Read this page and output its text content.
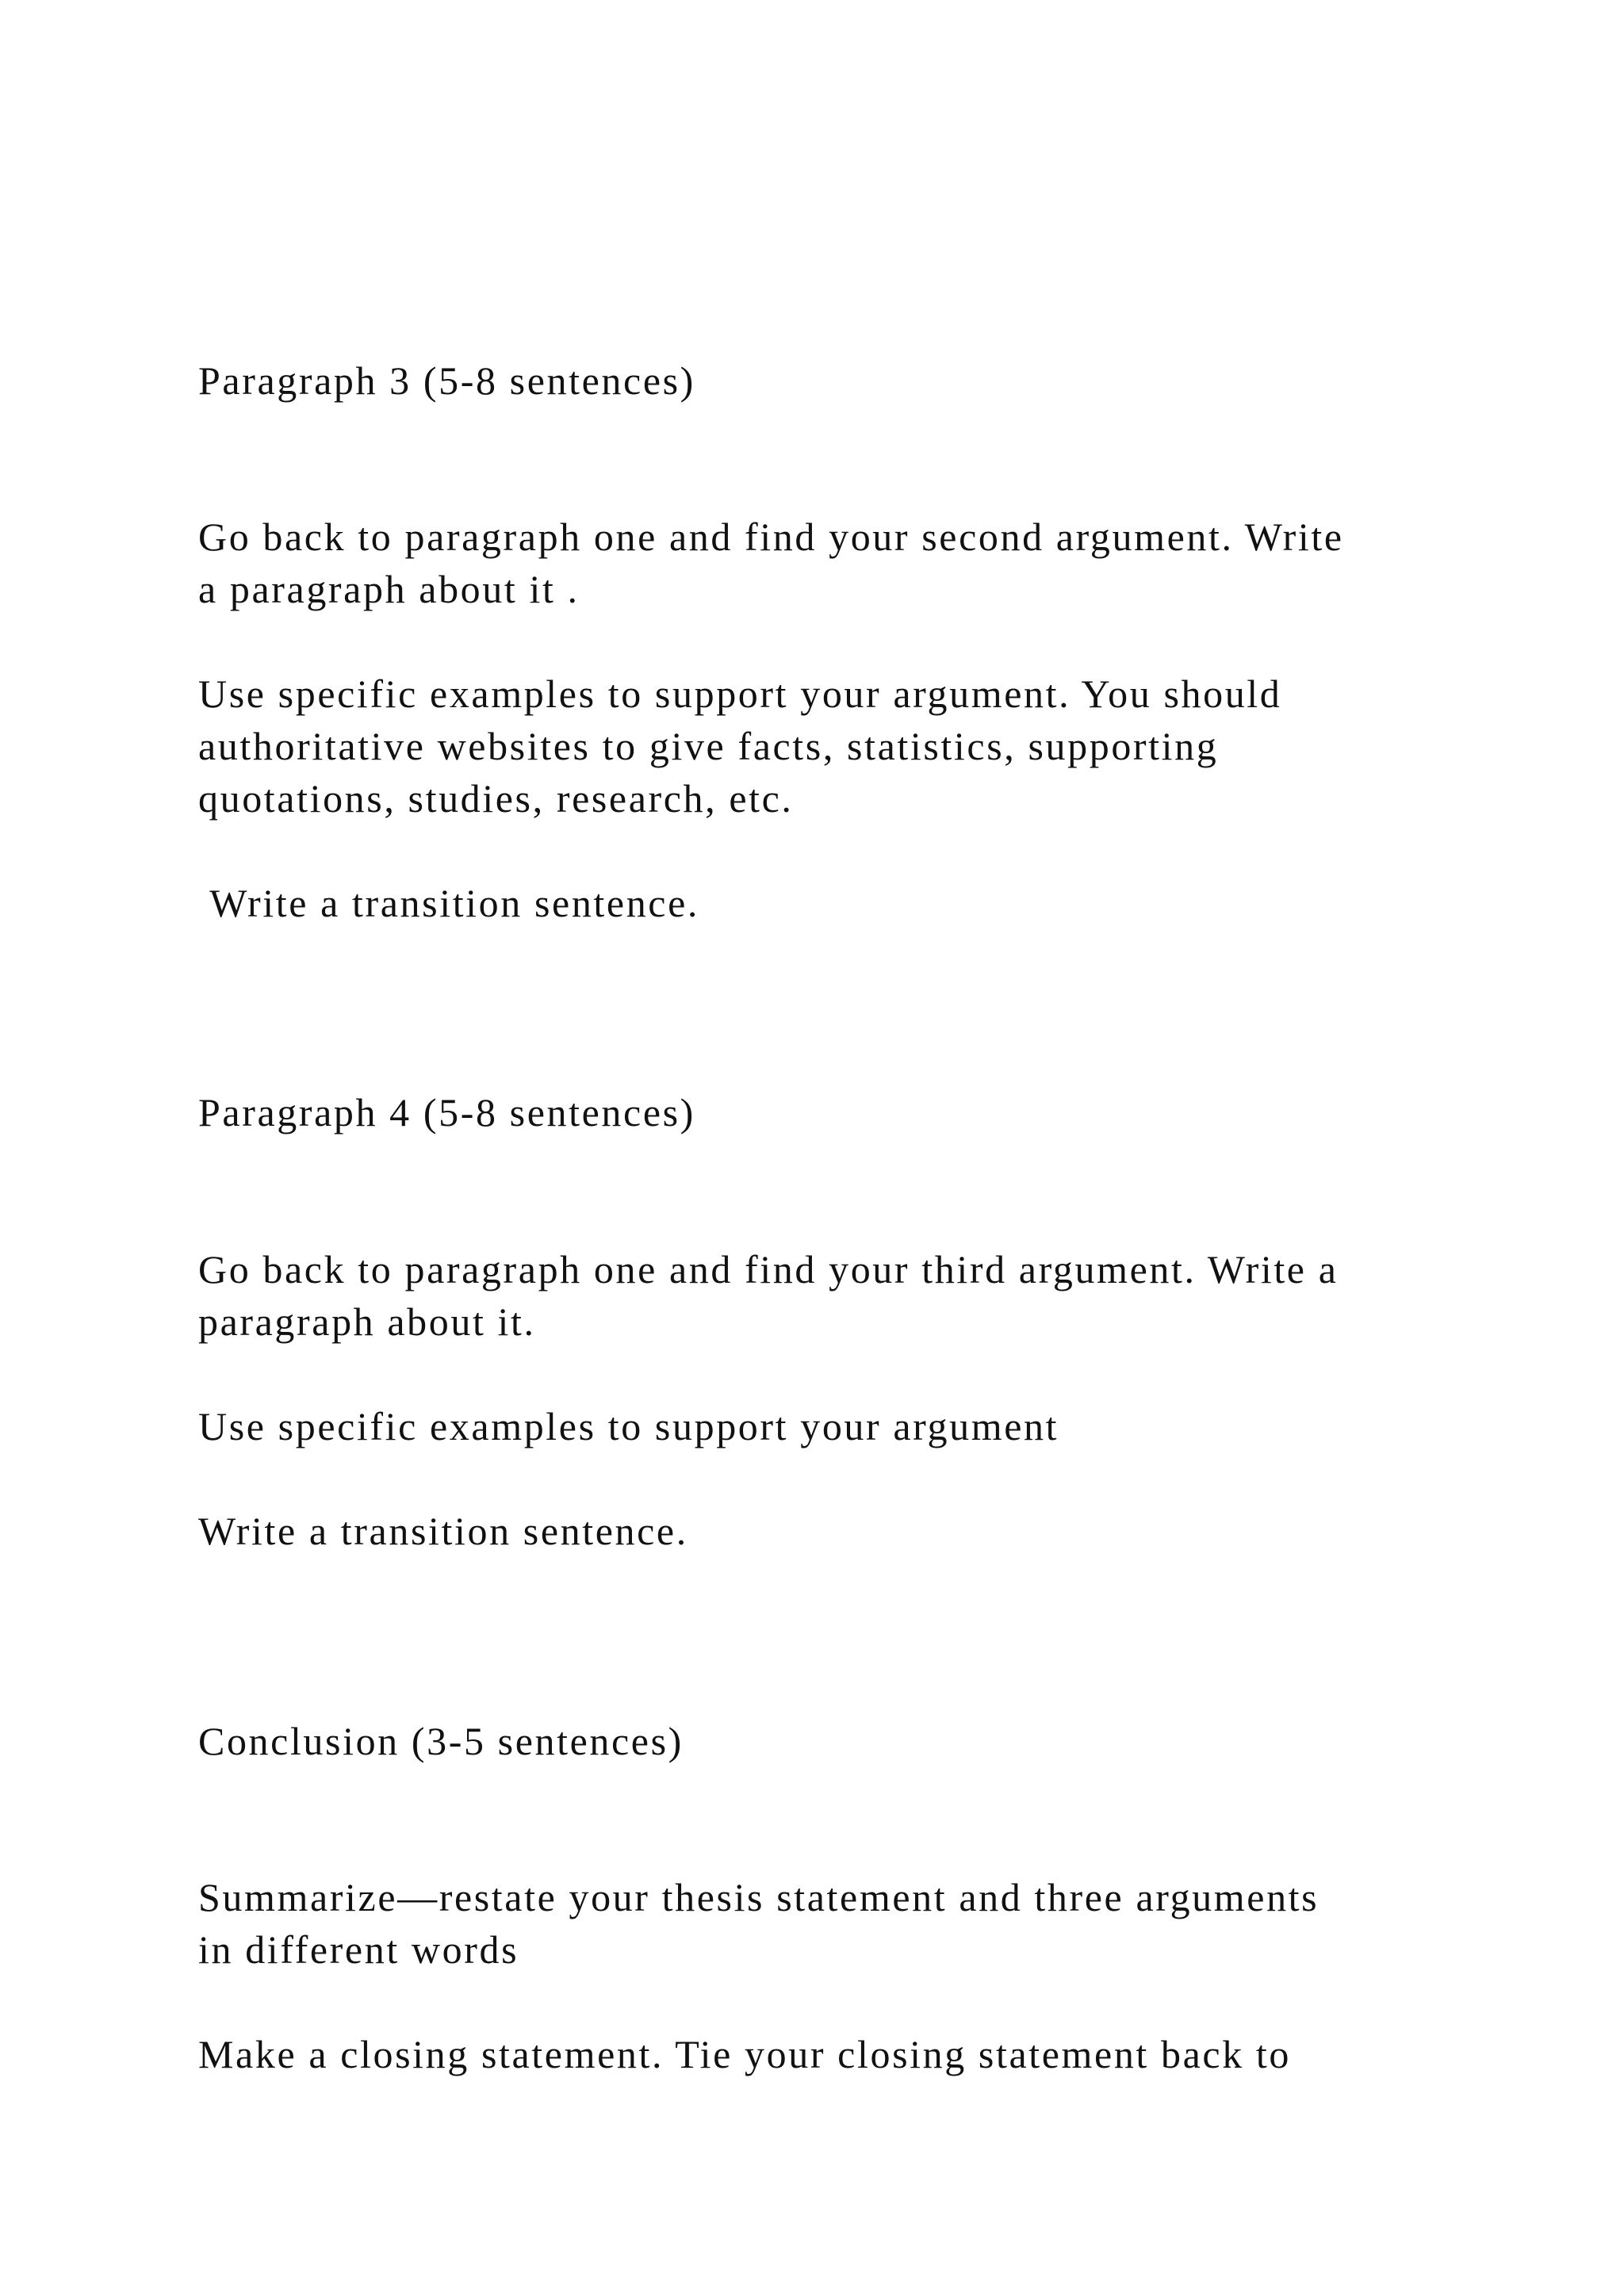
Paragraph 3 (5-8 sentences)

Go back to paragraph one and find your second argument. Write

a paragraph about it .

Use specific examples to support your argument. You should

authoritative websites to give facts, statistics, supporting

quotations, studies, research, etc.

Write a transition sentence.

Paragraph 4 (5-8 sentences)

Go back to paragraph one and find your third argument. Write a

paragraph about it.

Use specific examples to support your argument

Write a transition sentence.

Conclusion (3-5 sentences)

Summarize—restate your thesis statement and three arguments

in different words

Make a closing statement. Tie your closing statement back to
